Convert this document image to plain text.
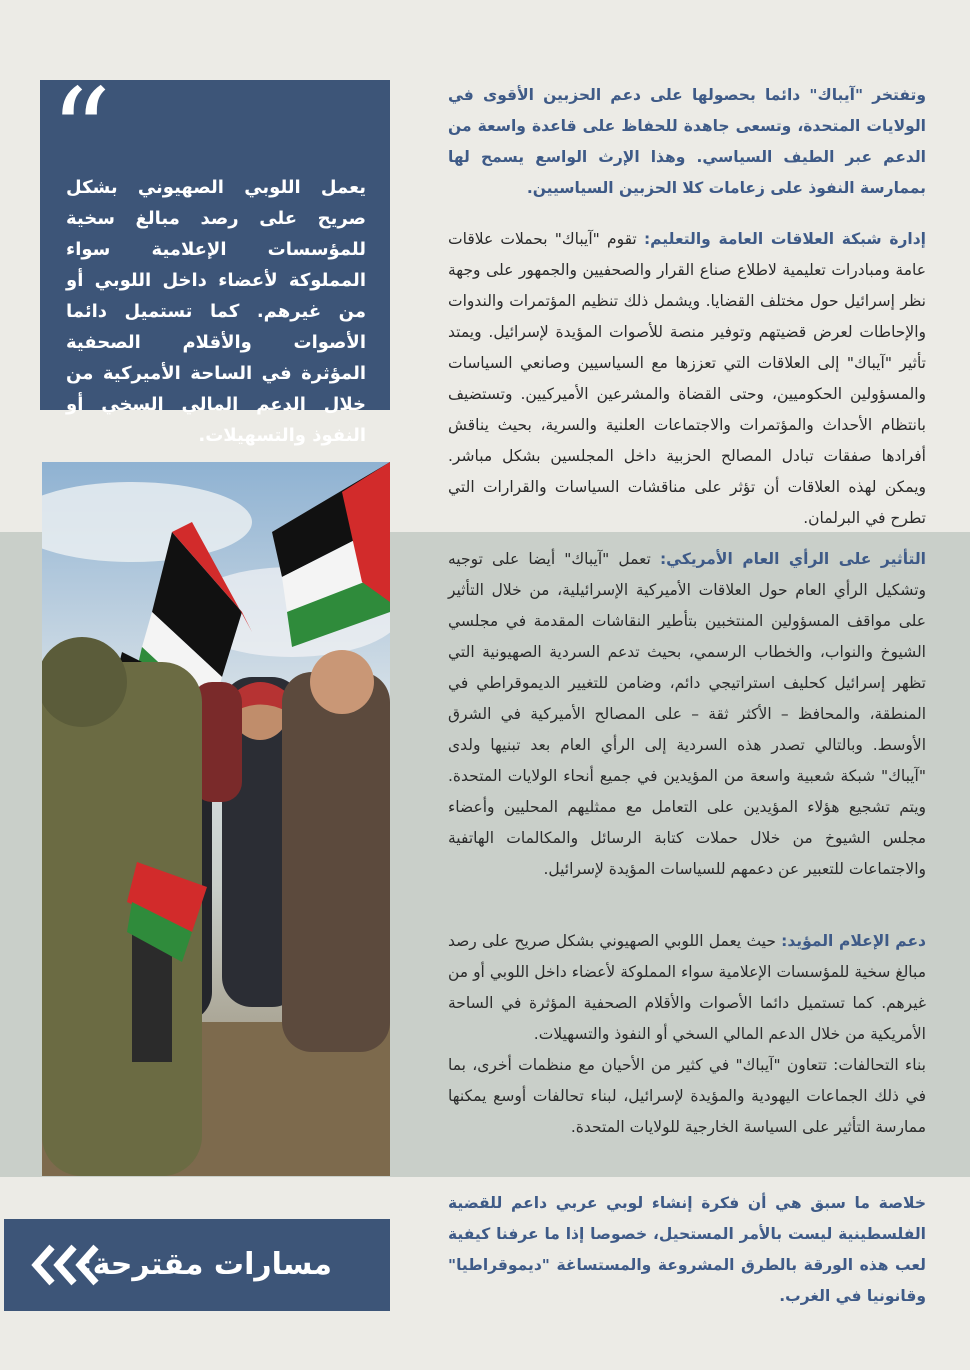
وتفتخر "آيباك" دائما بحصولها على دعم الحزبين الأقوى في الولايات المتحدة، وتسعى جاهدة للحفاظ على قاعدة واسعة من الدعم عبر الطيف السياسي. وهذا الإرث الواسع يسمح لها بممارسة النفوذ على زعامات كلا الحزبين السياسيين.

إدارة شبكة العلاقات العامة والتعليم: تقوم "آيباك" بحملات علاقات عامة ومبادرات تعليمية لاطلاع صناع القرار والصحفيين والجمهور على وجهة نظر إسرائيل حول مختلف القضايا. ويشمل ذلك تنظيم المؤتمرات والندوات والإحاطات لعرض قضيتهم وتوفير منصة للأصوات المؤيدة لإسرائيل. ويمتد تأثير "آيباك" إلى العلاقات التي تعززها مع السياسيين وصانعي السياسات والمسؤولين الحكوميين، وحتى القضاة والمشرعين الأميركيين. وتستضيف بانتظام الأحداث والمؤتمرات والاجتماعات العلنية والسرية، بحيث يناقش أفرادها صفقات تبادل المصالح الحزبية داخل المجلسين بشكل مباشر. ويمكن لهذه العلاقات أن تؤثر على مناقشات السياسات والقرارات التي تطرح في البرلمان.

التأثير على الرأي العام الأمريكي: تعمل "آيباك" أيضا على توجيه وتشكيل الرأي العام حول العلاقات الأميركية الإسرائيلية، من خلال التأثير على مواقف المسؤولين المنتخبين بتأطير النقاشات المقدمة في مجلسي الشيوخ والنواب، والخطاب الرسمي، بحيث تدعم السردية الصهيونية التي تظهر إسرائيل كحليف استراتيجي دائم، وضامن للتغيير الديموقراطي في المنطقة، والمحافظ – الأكثر ثقة – على المصالح الأميركية في الشرق الأوسط. وبالتالي تصدر هذه السردية إلى الرأي العام بعد تبنيها ولدى "آيباك" شبكة شعبية واسعة من المؤيدين في جميع أنحاء الولايات المتحدة. ويتم تشجيع هؤلاء المؤيدين على التعامل مع ممثليهم المحليين وأعضاء مجلس الشيوخ من خلال حملات كتابة الرسائل والمكالمات الهاتفية والاجتماعات للتعبير عن دعمهم للسياسات المؤيدة لإسرائيل.

دعم الإعلام المؤيد: حيث يعمل اللوبي الصهيوني بشكل صريح على رصد مبالغ سخية للمؤسسات الإعلامية سواء المملوكة لأعضاء داخل اللوبي أو من غيرهم. كما تستميل دائما الأصوات والأقلام الصحفية المؤثرة في الساحة الأمريكية من خلال الدعم المالي السخي أو النفوذ والتسهيلات.

بناء التحالفات: تتعاون "آيباك" في كثير من الأحيان مع منظمات أخرى، بما في ذلك الجماعات اليهودية والمؤيدة لإسرائيل، لبناء تحالفات أوسع يمكنها ممارسة التأثير على السياسة الخارجية للولايات المتحدة.

خلاصة ما سبق هي أن فكرة إنشاء لوبي عربي داعم للقضية الفلسطينية ليست بالأمر المستحيل، خصوصا إذا ما عرفنا كيفية لعب هذه الورقة بالطرق المشروعة والمستساغة "ديموقراطيا" وقانونيا في الغرب.

“

يعمل اللوبي الصهيوني بشكل صريح على رصد مبالغ سخية للمؤسسات الإعلامية سواء المملوكة لأعضاء داخل اللوبي أو من غيرهم. كما تستميل دائما الأصوات والأقلام الصحفية المؤثرة في الساحة الأميركية من خلال الدعم المالي السخي أو النفوذ والتسهيلات.

مسارات مقترحة:
